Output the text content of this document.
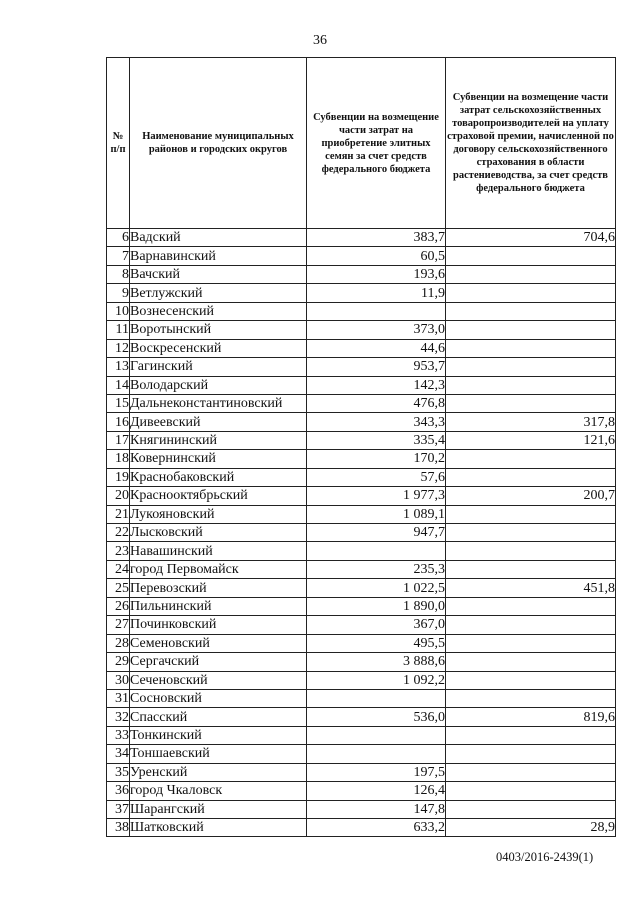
36
№ п/п	Наименование муниципальных районов и городских округов	Субвенции на возмещение части затрат на приобретение элитных семян за счет средств федерального бюджета	Субвенции на возмещение части затрат сельскохозяйственных товаропроизводителей на уплату страховой премии, начисленной по договору сельскохозяйственного страхования в области растениеводства, за счет средств федерального бюджета
6	Вадский	383,7	704,6
7	Варнавинский	60,5	
8	Вачский	193,6	
9	Ветлужский	11,9	
10	Вознесенский		
11	Воротынский	373,0	
12	Воскресенский	44,6	
13	Гагинский	953,7	
14	Володарский	142,3	
15	Дальнеконстантиновский	476,8	
16	Дивеевский	343,3	317,8
17	Княгининский	335,4	121,6
18	Ковернинский	170,2	
19	Краснобаковский	57,6	
20	Краснооктябрьский	1 977,3	200,7
21	Лукояновский	1 089,1	
22	Лысковский	947,7	
23	Навашинский		
24	город Первомайск	235,3	
25	Перевозский	1 022,5	451,8
26	Пильнинский	1 890,0	
27	Починковский	367,0	
28	Семеновский	495,5	
29	Сергачский	3 888,6	
30	Сеченовский	1 092,2	
31	Сосновский		
32	Спасский	536,0	819,6
33	Тонкинский		
34	Тоншаевский		
35	Уренский	197,5	
36	город Чкаловск	126,4	
37	Шарангский	147,8	
38	Шатковский	633,2	28,9
0403/2016-2439(1)
